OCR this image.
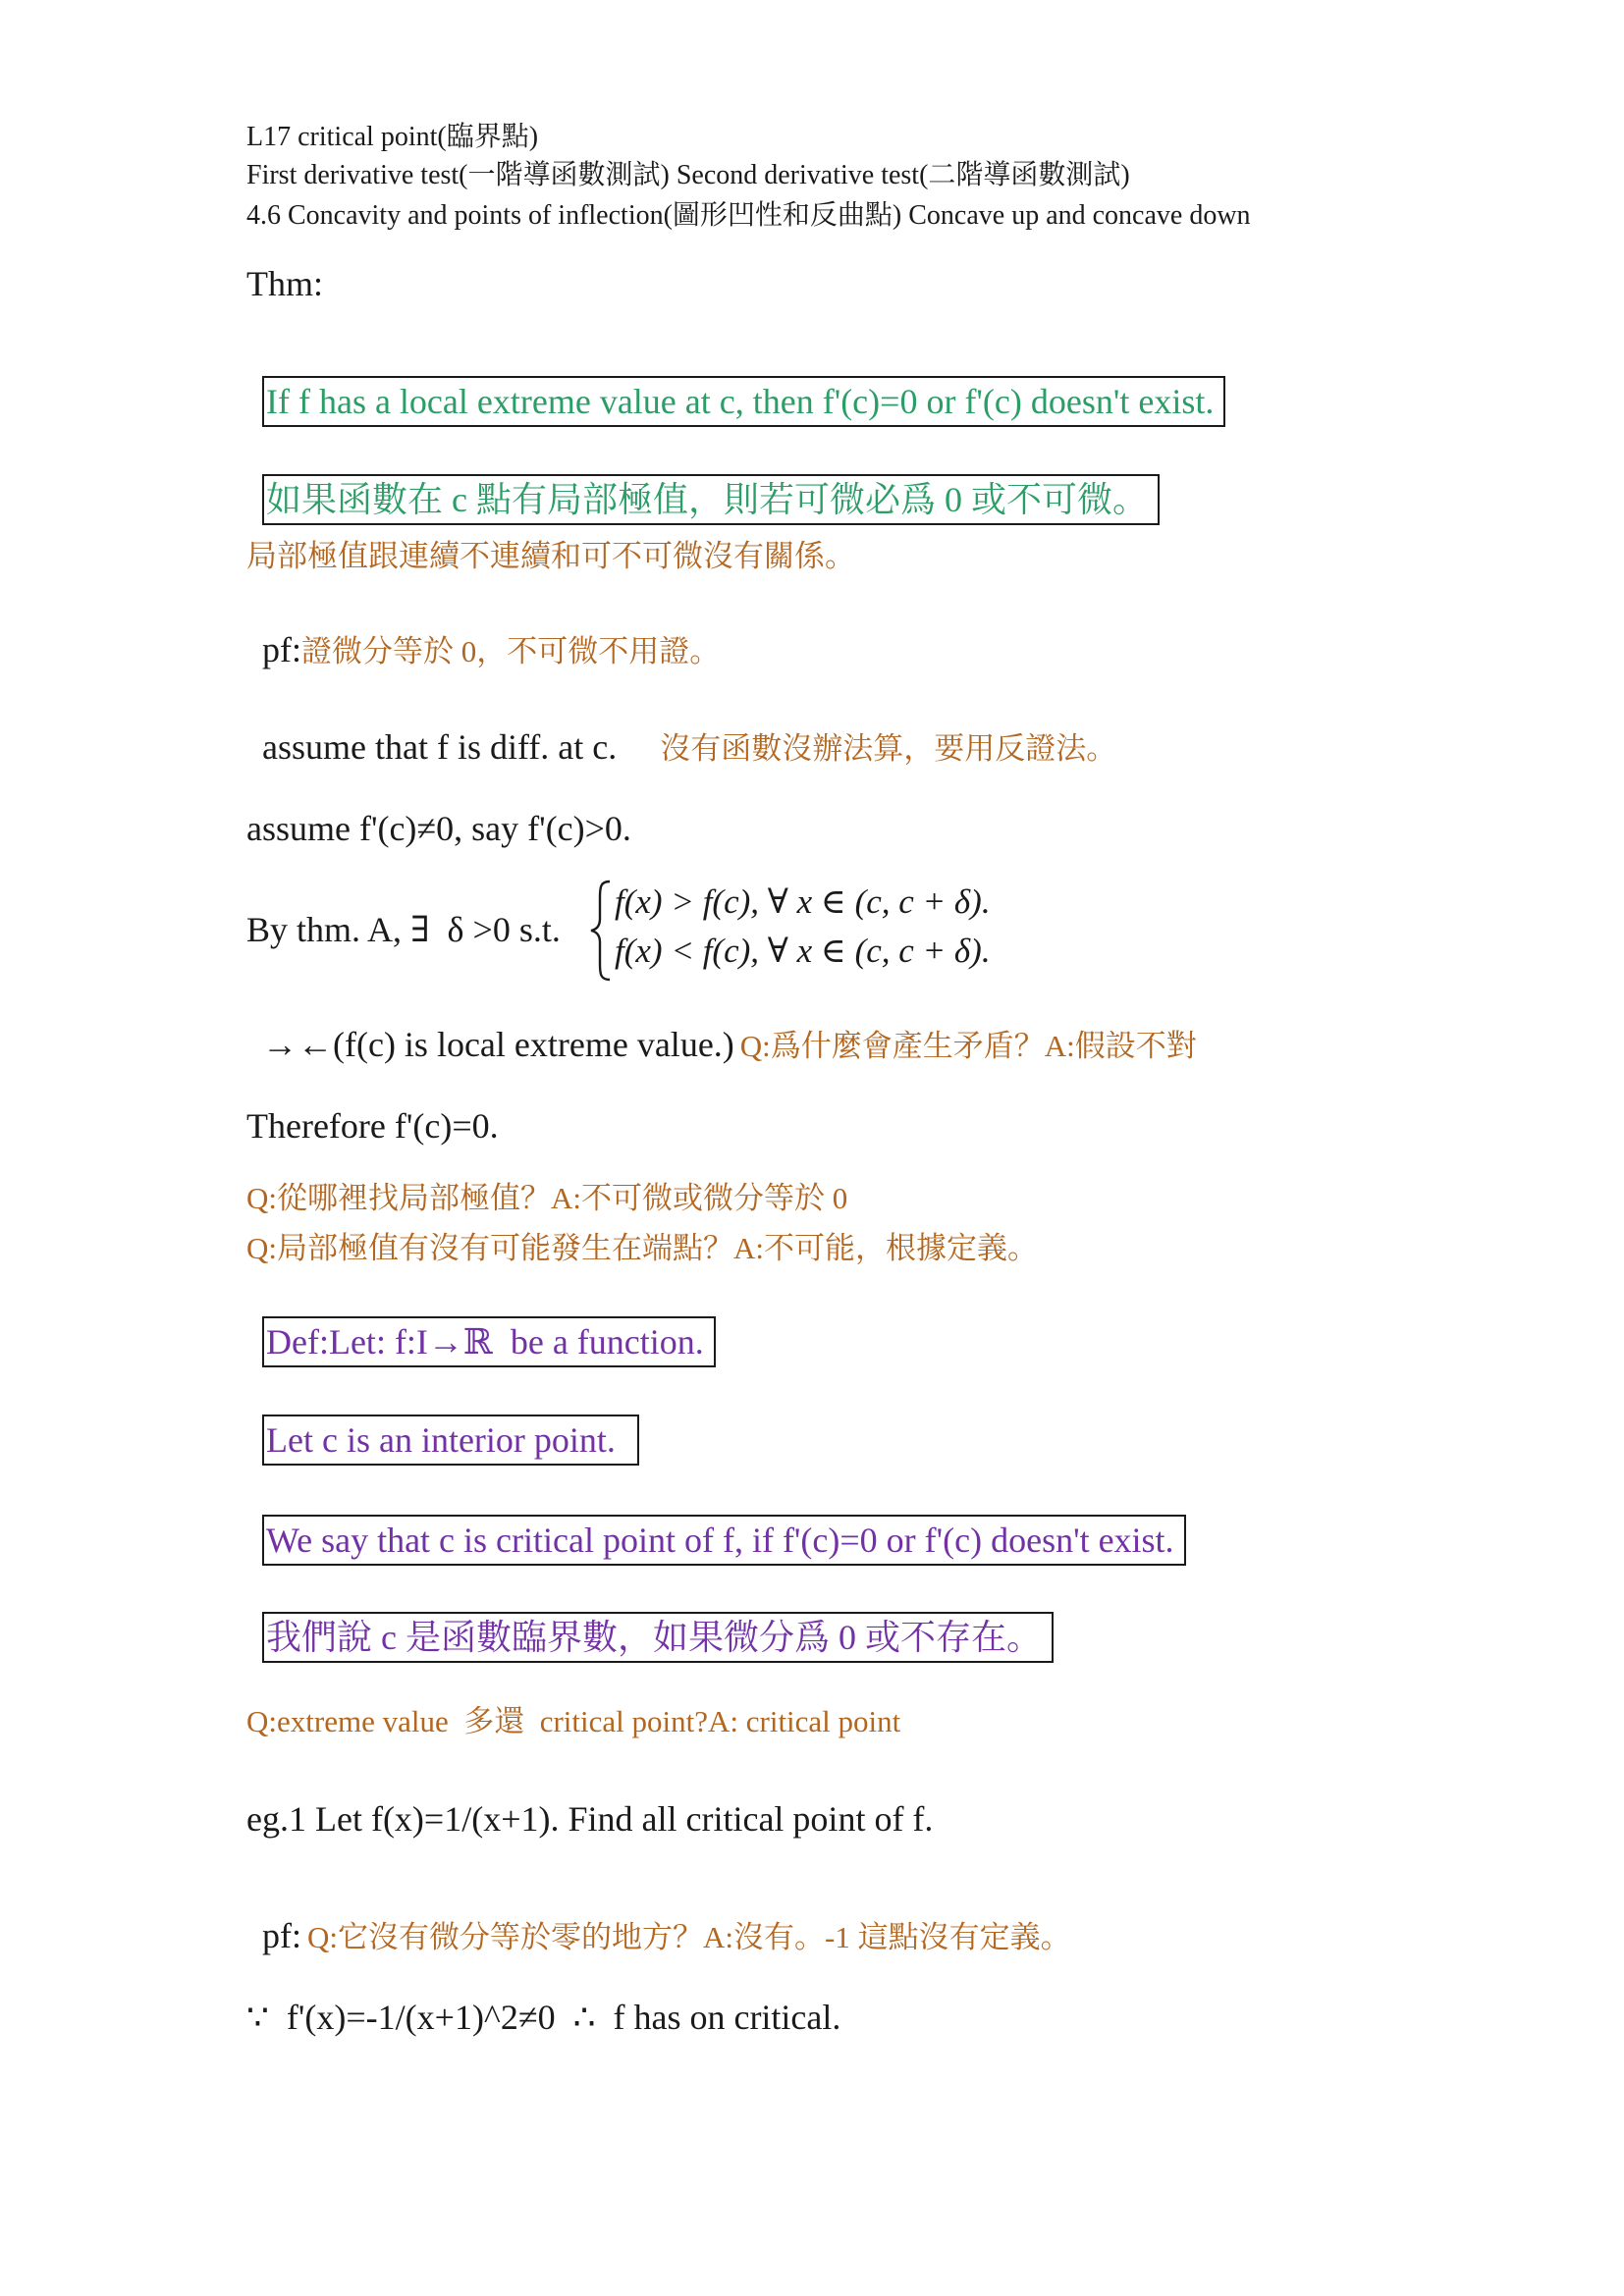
L17 critical point(臨界點)
First derivative test(一階導函數測試) Second derivative test(二階導函數測試)
4.6 Concavity and points of inflection(圖形凹性和反曲點) Concave up and concave down
Thm:

If f has a local extreme value at c, then f'(c)=0 or f'(c) doesn't exist.

如果函數在 c 點有局部極值，則若可微必爲 0 或不可微。

局部極值跟連續不連續和可不可微沒有關係。

pf:證微分等於 0，不可微不用證。

assume that f is diff. at c. 沒有函數沒辦法算，要用反證法。

assume f'(c)≠0, say f'(c)>0.
By thm. A, ∃  δ >0 s.t.
f(x) > f(c), ∀ x ∈ (c, c + δ).
f(x) < f(c), ∀ x ∈ (c, c + δ).

→←(f(c) is local extreme value.) Q:爲什麼會產生矛盾？A:假設不對

Therefore f'(c)=0.
Q:從哪裡找局部極值？A:不可微或微分等於 0
Q:局部極值有沒有可能發生在端點？A:不可能，根據定義。

Def:Let: f:I→ℝ  be a function.

Let c is an interior point.

We say that c is critical point of f, if f'(c)=0 or f'(c) doesn't exist.

我們說 c 是函數臨界數，如果微分爲 0 或不存在。

Q:extreme value  多還  critical point?A: critical point
eg.1 Let f(x)=1/(x+1). Find all critical point of f.

pf: Q:它沒有微分等於零的地方？A:沒有。-1 這點沒有定義。

∵  f'(x)=-1/(x+1)^2≠0  ∴  f has on critical.
